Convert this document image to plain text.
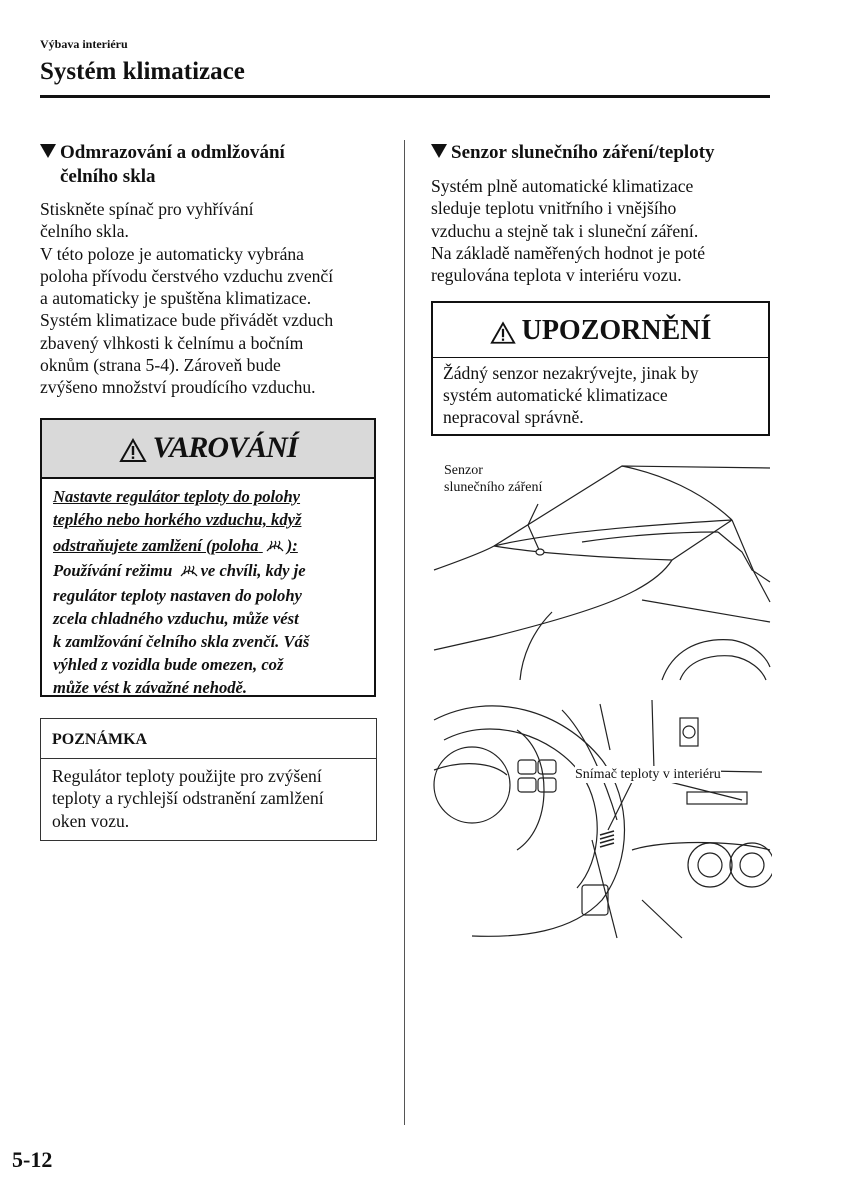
Výbava interiéru
Systém klimatizace
Odmrazování a odmlžování
čelního skla
Stiskněte spínač pro vyhřívání
čelního skla.
V této poloze je automaticky vybrána
poloha přívodu čerstvého vzduchu zvenčí
a automaticky je spuštěna klimatizace.
Systém klimatizace bude přivádět vzduch
zbavený vlhkosti k čelnímu a bočním
oknům (strana 5-4). Zároveň bude
zvýšeno množství proudícího vzduchu.
VAROVÁNÍ
Nastavte regulátor teploty do polohy
teplého nebo horkého vzduchu, když
odstraňujete zamlžení (poloha ):
Používání režimu ve chvíli, kdy je
regulátor teploty nastaven do polohy
zcela chladného vzduchu, může vést
k zamlžování čelního skla zvenčí. Váš
výhled z vozidla bude omezen, což
může vést k závažné nehodě.
POZNÁMKA
Regulátor teploty použijte pro zvýšení
teploty a rychlejší odstranění zamlžení
oken vozu.
Senzor slunečního záření/teploty
Systém plně automatické klimatizace
sleduje teplotu vnitřního i vnějšího
vzduchu a stejně tak i sluneční záření.
Na základě naměřených hodnot je poté
regulována teplota v interiéru vozu.
UPOZORNĚNÍ
Žádný senzor nezakrývejte, jinak by
systém automatické klimatizace
nepracoval správně.
Senzor
slunečního záření
Snímač teploty v interiéru
5-12
